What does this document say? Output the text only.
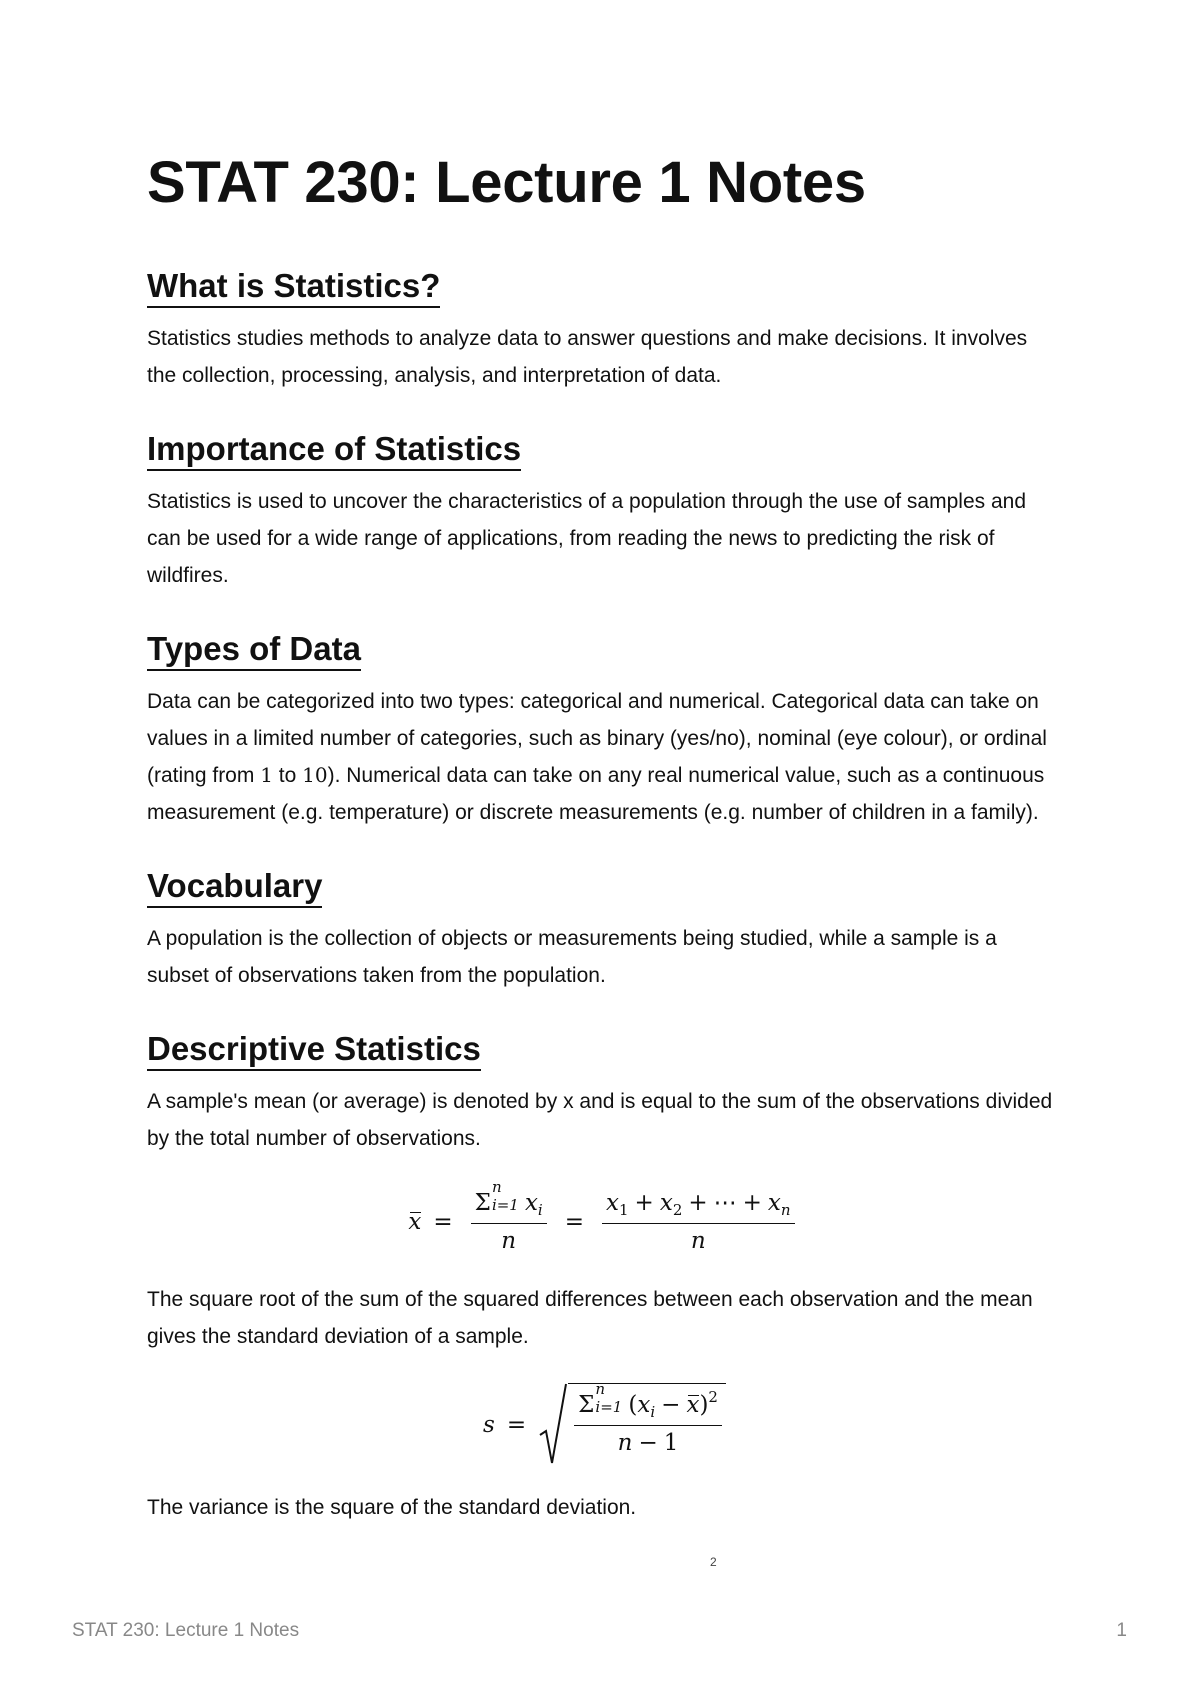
STAT 230: Lecture 1 Notes
What is Statistics?

Statistics studies methods to analyze data to answer questions and make decisions. It involves the collection, processing, analysis, and interpretation of data.

Importance of Statistics

Statistics is used to uncover the characteristics of a population through the use of samples and can be used for a wide range of applications, from reading the news to predicting the risk of wildfires.

Types of Data

Data can be categorized into two types: categorical and numerical. Categorical data can take on values in a limited number of categories, such as binary (yes/no), nominal (eye colour), or ordinal (rating from 1 to 10). Numerical data can take on any real numerical value, such as a continuous measurement (e.g. temperature) or discrete measurements (e.g. number of children in a family).

Vocabulary

A population is the collection of objects or measurements being studied, while a sample is a subset of observations taken from the population.

Descriptive Statistics

A sample's mean (or average) is denoted by x and is equal to the sum of the observations divided by the total number of observations.

x = Σ
n
i=1 $x_i$
$n = \frac{x_1 + x_2 + \cdots + x_n}{n}$

The square root of the sum of the squared differences between each observation and the mean gives the standard deviation of a sample.

s = Σ
n
i=1 $(x_i - x)^2$
n − 1

The variance is the square of the standard deviation.

2
STAT 230: Lecture 1 Notes	1
